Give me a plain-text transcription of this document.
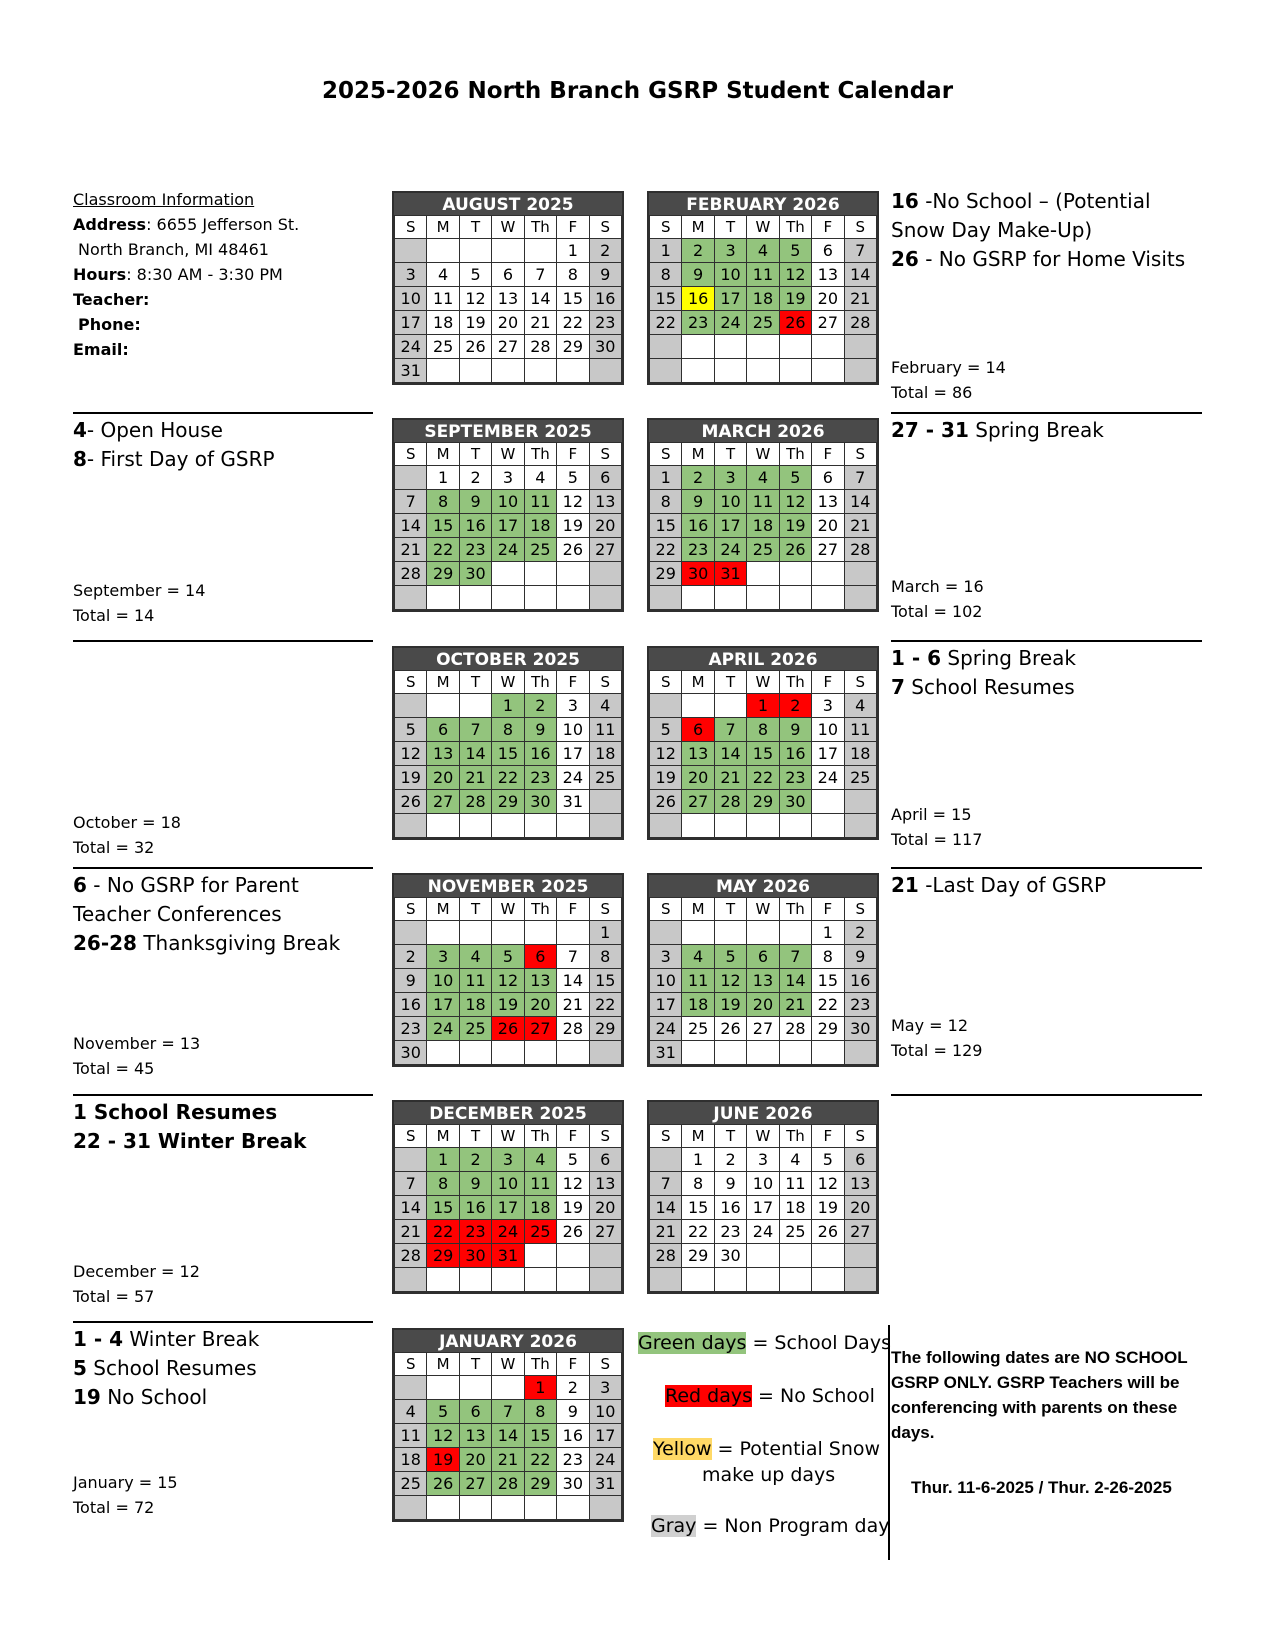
2025-2026 North Branch GSRP Student Calendar
Classroom Information
Address: 6655 Jefferson St.
North Branch, MI 48461
Hours: 8:30 AM - 3:30 PM
Teacher:
Phone:
Email:
AUGUST 2025
S	M	T	W	Th	F	S
					1	2
3	4	5	6	7	8	9
10	11	12	13	14	15	16
17	18	19	20	21	22	23
24	25	26	27	28	29	30
31						
SEPTEMBER 2025
S	M	T	W	Th	F	S
	1	2	3	4	5	6
7	8	9	10	11	12	13
14	15	16	17	18	19	20
21	22	23	24	25	26	27
28	29	30				

OCTOBER 2025
S	M	T	W	Th	F	S
			1	2	3	4
5	6	7	8	9	10	11
12	13	14	15	16	17	18
19	20	21	22	23	24	25
26	27	28	29	30	31	

NOVEMBER 2025
S	M	T	W	Th	F	S
						1
2	3	4	5	6	7	8
9	10	11	12	13	14	15
16	17	18	19	20	21	22
23	24	25	26	27	28	29
30						
DECEMBER 2025
S	M	T	W	Th	F	S
	1	2	3	4	5	6
7	8	9	10	11	12	13
14	15	16	17	18	19	20
21	22	23	24	25	26	27
28	29	30	31			

JANUARY 2026
S	M	T	W	Th	F	S
				1	2	3
4	5	6	7	8	9	10
11	12	13	14	15	16	17
18	19	20	21	22	23	24
25	26	27	28	29	30	31

FEBRUARY 2026
S	M	T	W	Th	F	S
1	2	3	4	5	6	7
8	9	10	11	12	13	14
15	16	17	18	19	20	21
22	23	24	25	26	27	28

MARCH 2026
S	M	T	W	Th	F	S
1	2	3	4	5	6	7
8	9	10	11	12	13	14
15	16	17	18	19	20	21
22	23	24	25	26	27	28
29	30	31				

APRIL 2026
S	M	T	W	Th	F	S
			1	2	3	4
5	6	7	8	9	10	11
12	13	14	15	16	17	18
19	20	21	22	23	24	25
26	27	28	29	30		

MAY 2026
S	M	T	W	Th	F	S
					1	2
3	4	5	6	7	8	9
10	11	12	13	14	15	16
17	18	19	20	21	22	23
24	25	26	27	28	29	30
31						
JUNE 2026
S	M	T	W	Th	F	S
	1	2	3	4	5	6
7	8	9	10	11	12	13
14	15	16	17	18	19	20
21	22	23	24	25	26	27
28	29	30				

4- Open House
8- First Day of GSRP
6 - No GSRP for Parent
Teacher Conferences
26-28 Thanksgiving Break
1 School Resumes
22 - 31 Winter Break
1 - 4 Winter Break
5 School Resumes
19 No School
16 -No School – (Potential
Snow Day Make-Up)
26 - No GSRP for Home Visits
27 - 31 Spring Break
1 - 6 Spring Break
7 School Resumes
21 -Last Day of GSRP
September = 14
Total = 14
October = 18
Total = 32
November = 13
Total = 45
December = 12
Total = 57
January = 15
Total = 72
February = 14
Total = 86
March = 16
Total = 102
April = 15
Total = 117
May = 12
Total = 129
Green days = School Days
Red days = No School
Yellow = Potential Snow
make up days
Gray = Non Program day
The following dates are NO SCHOOL GSRP ONLY. GSRP Teachers will be conferencing with parents on these days.
Thur. 11-6-2025 / Thur. 2-26-2025
